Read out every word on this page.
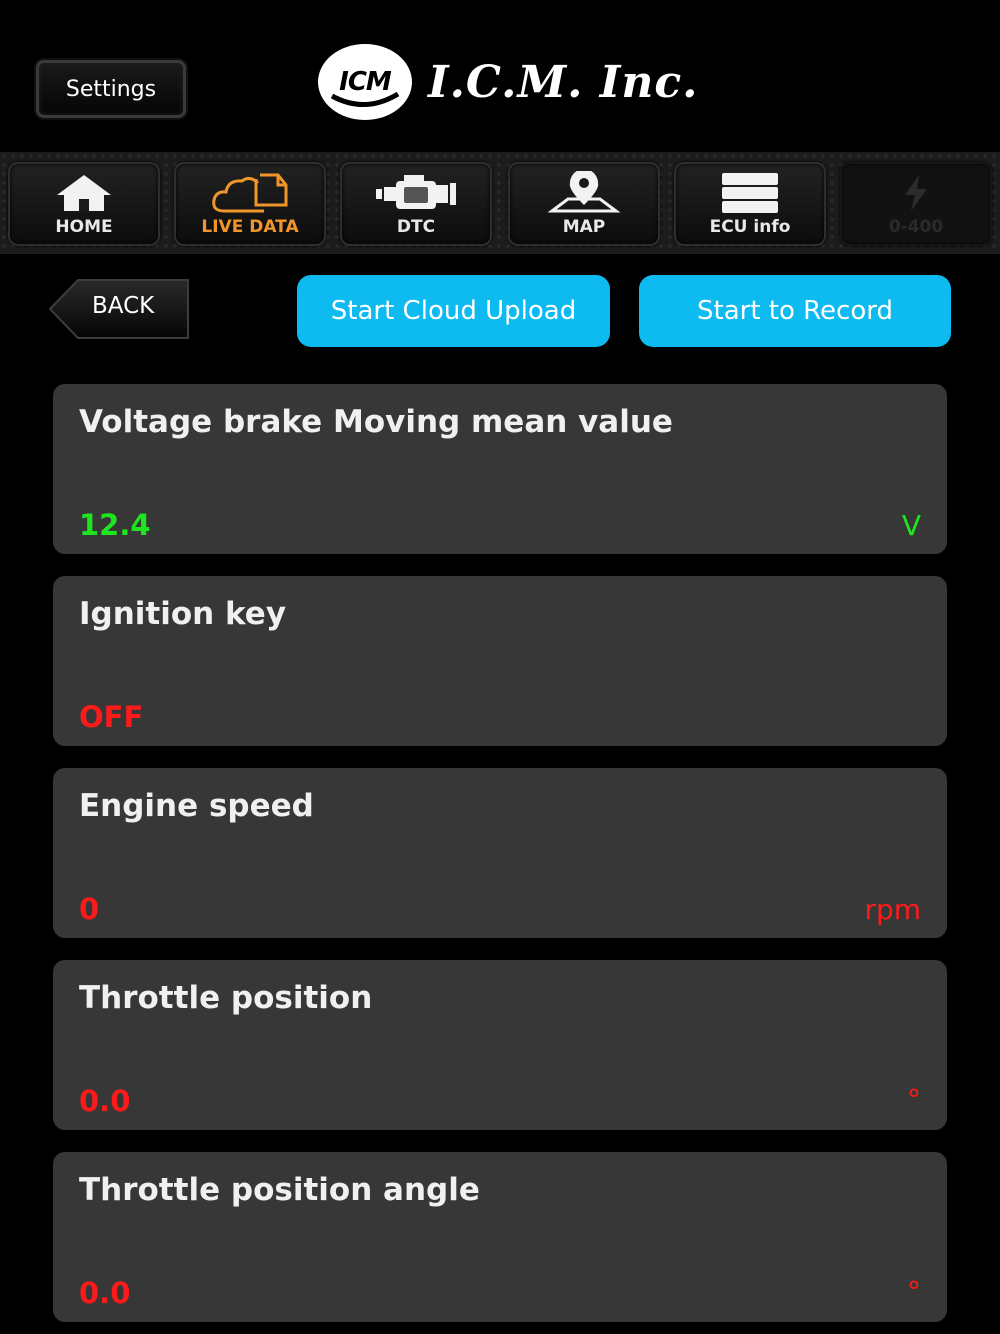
Settings	ICM I.C.M. Inc.
HOME	LIVE DATA	DTC	MAP	ECU info	0-400
BACK	Start Cloud Upload	Start to Record
Voltage brake Moving mean value
12.4	V
Ignition key
OFF
Engine speed
0	rpm
Throttle position
0.0	°
Throttle position angle
0.0	°
